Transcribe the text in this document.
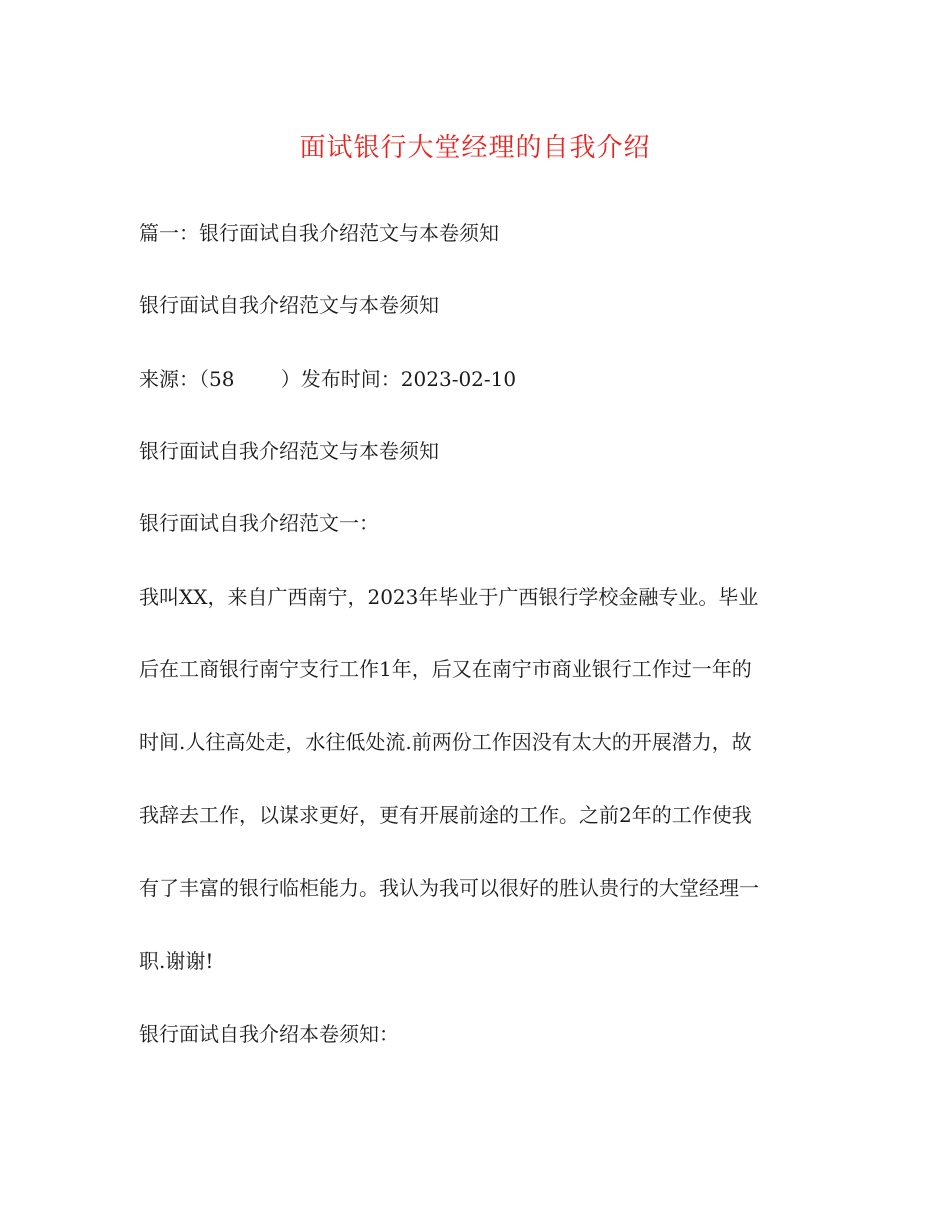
面试银行大堂经理的自我介绍
篇一：银行面试自我介绍范文与本卷须知
银行面试自我介绍范文与本卷须知
来源：（58　　 ）发布时间：2023-02-10
银行面试自我介绍范文与本卷须知
银行面试自我介绍范文一：
我叫XX，来自广西南宁，2023年毕业于广西银行学校金融专业。毕业
后在工商银行南宁支行工作1年，后又在南宁市商业银行工作过一年的
时间.人往高处走，水往低处流.前两份工作因没有太大的开展潜力，故
我辞去工作，以谋求更好，更有开展前途的工作。之前2年的工作使我
有了丰富的银行临柜能力。我认为我可以很好的胜认贵行的大堂经理一
职.谢谢!
银行面试自我介绍本卷须知：
